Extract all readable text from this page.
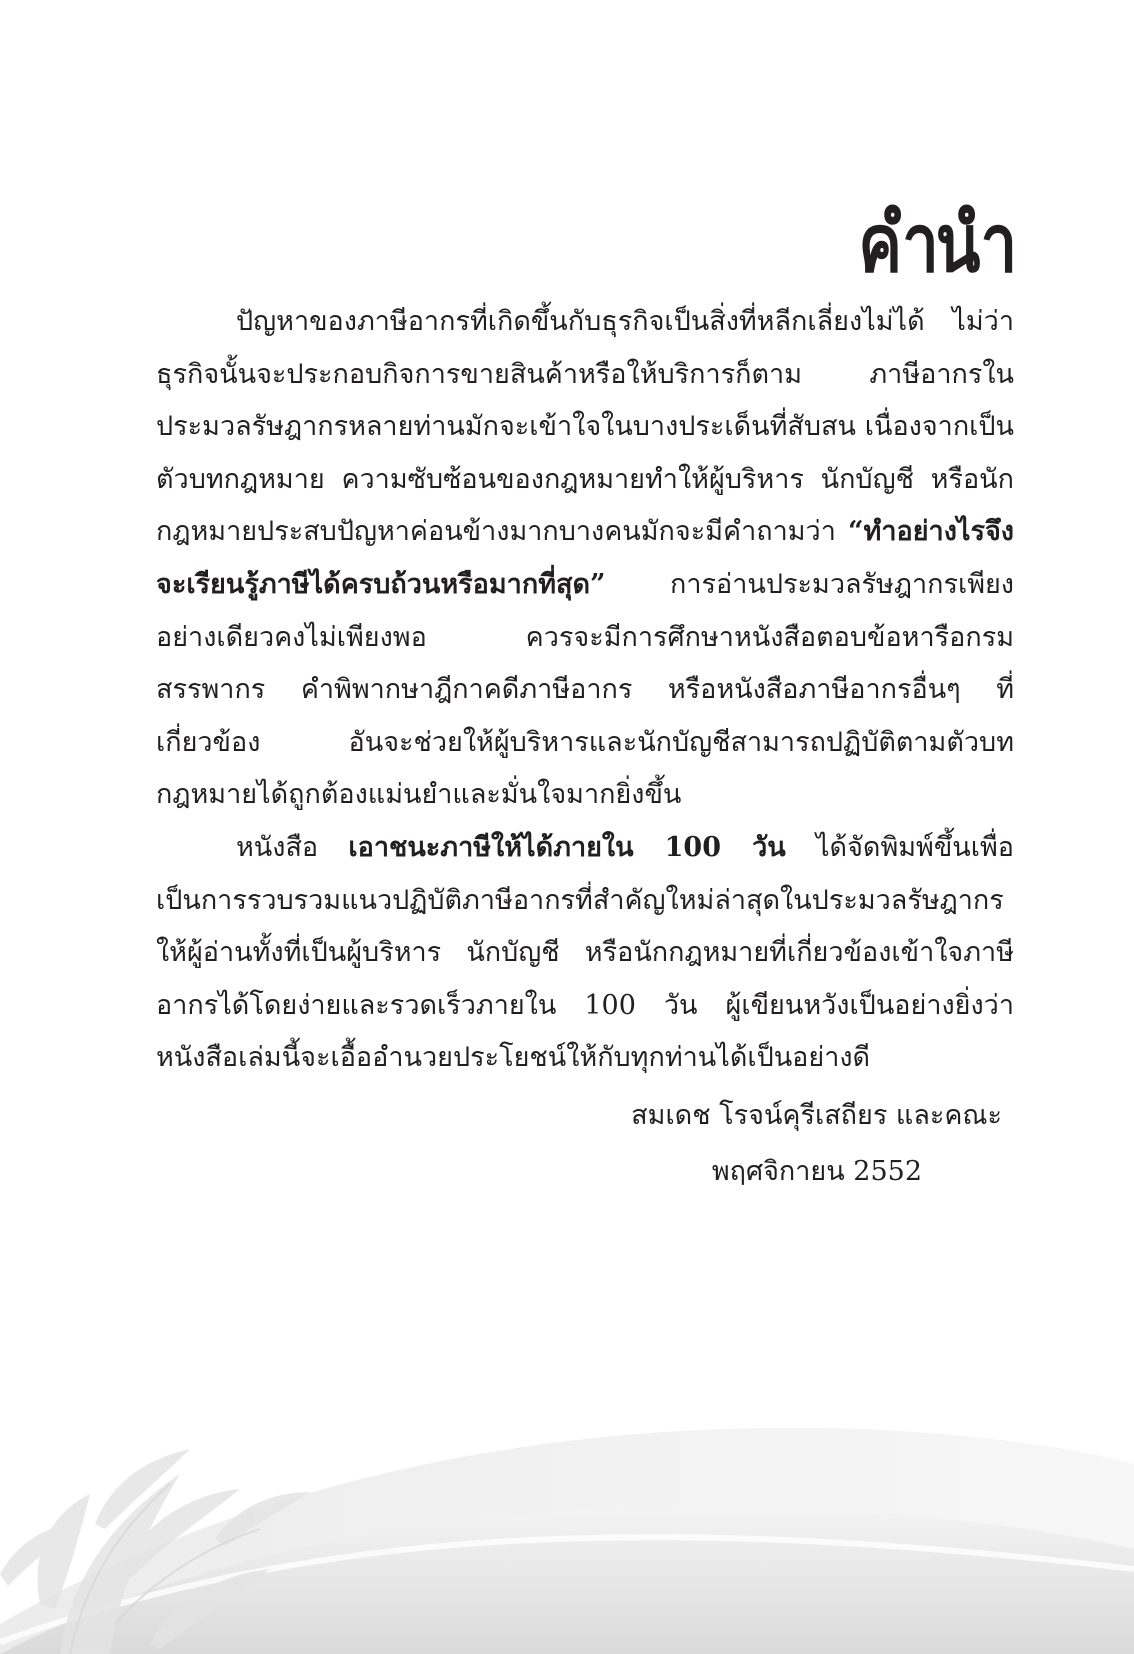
คำนำ

ปัญหาของภาษีอากรที่เกิดขึ้นกับธุรกิจเป็นสิ่งที่หลีกเลี่ยงไม่ได้ ไม่ว่าธุรกิจนั้นจะประกอบกิจการขายสินค้าหรือให้บริการก็ตาม ภาษีอากรในประมวลรัษฎากรหลายท่านมักจะเข้าใจในบางประเด็นที่สับสน เนื่องจากเป็นตัวบทกฎหมาย ความซับซ้อนของกฎหมายทำให้ผู้บริหาร นักบัญชี หรือนักกฎหมายประสบปัญหาค่อนข้างมากบางคนมักจะมีคำถามว่า “ทำอย่างไรจึงจะเรียนรู้ภาษีได้ครบถ้วนหรือมากที่สุด” การอ่านประมวลรัษฎากรเพียงอย่างเดียวคงไม่เพียงพอ ควรจะมีการศึกษาหนังสือตอบข้อหารือกรมสรรพากร คำพิพากษาฎีกาคดีภาษีอากร หรือหนังสือภาษีอากรอื่นๆ ที่เกี่ยวข้อง อันจะช่วยให้ผู้บริหารและนักบัญชีสามารถปฏิบัติตามตัวบทกฎหมายได้ถูกต้องแม่นยำและมั่นใจมากยิ่งขึ้น

หนังสือ เอาชนะภาษีให้ได้ภายใน 100 วัน ได้จัดพิมพ์ขึ้นเพื่อเป็นการรวบรวมแนวปฏิบัติภาษีอากรที่สำคัญใหม่ล่าสุดในประมวลรัษฎากรให้ผู้อ่านทั้งที่เป็นผู้บริหาร นักบัญชี หรือนักกฎหมายที่เกี่ยวข้องเข้าใจภาษีอากรได้โดยง่ายและรวดเร็วภายใน 100 วัน ผู้เขียนหวังเป็นอย่างยิ่งว่าหนังสือเล่มนี้จะเอื้ออำนวยประโยชน์ให้กับทุกท่านได้เป็นอย่างดี

สมเดช โรจน์คุรีเสถียร และคณะ
พฤศจิกายน 2552
